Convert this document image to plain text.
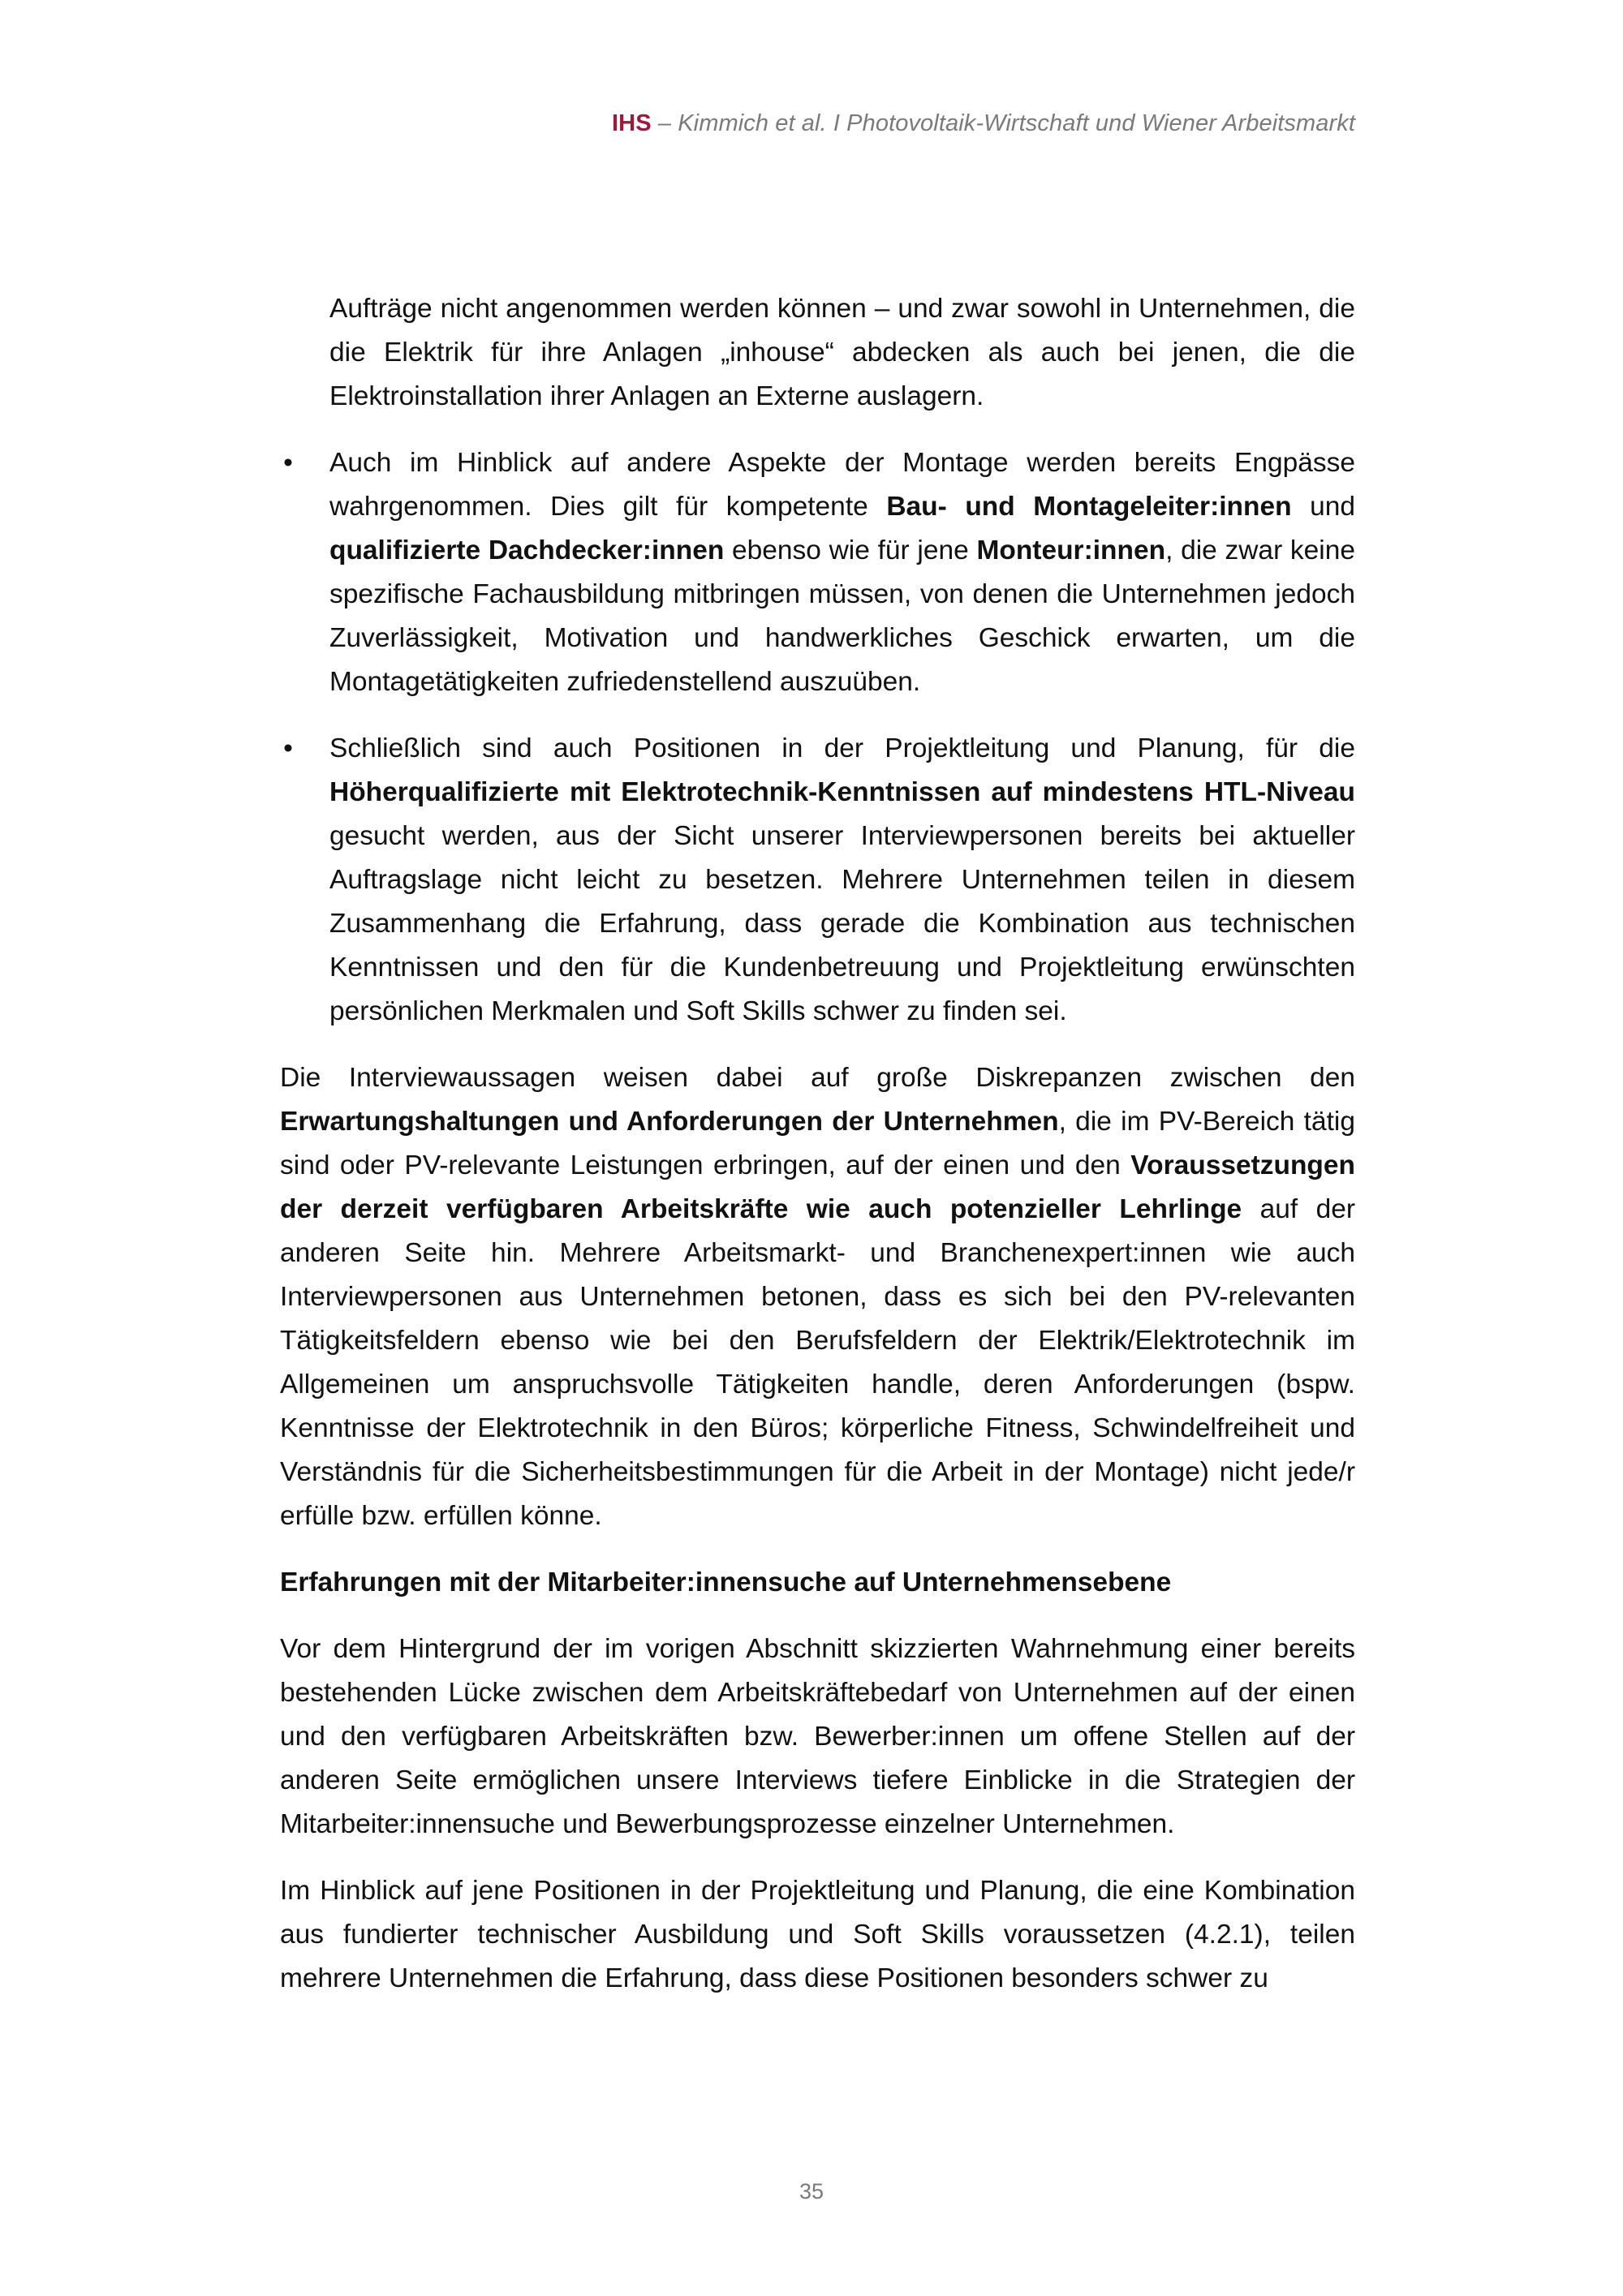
IHS – Kimmich et al. I Photovoltaik-Wirtschaft und Wiener Arbeitsmarkt

Aufträge nicht angenommen werden können – und zwar sowohl in Unternehmen, die die Elektrik für ihre Anlagen „inhouse“ abdecken als auch bei jenen, die die Elektroinstallation ihrer Anlagen an Externe auslagern.

• Auch im Hinblick auf andere Aspekte der Montage werden bereits Engpässe wahrgenommen. Dies gilt für kompetente Bau- und Montageleiter:innen und qualifizierte Dachdecker:innen ebenso wie für jene Monteur:innen, die zwar keine spezifische Fachausbildung mitbringen müssen, von denen die Unternehmen jedoch Zuverlässigkeit, Motivation und handwerkliches Geschick erwarten, um die Montagetätigkeiten zufriedenstellend auszuüben.
• Schließlich sind auch Positionen in der Projektleitung und Planung, für die Höherqualifizierte mit Elektrotechnik-Kenntnissen auf mindestens HTL-Niveau gesucht werden, aus der Sicht unserer Interviewpersonen bereits bei aktueller Auftragslage nicht leicht zu besetzen. Mehrere Unternehmen teilen in diesem Zusammenhang die Erfahrung, dass gerade die Kombination aus technischen Kenntnissen und den für die Kundenbetreuung und Projektleitung erwünschten persönlichen Merkmalen und Soft Skills schwer zu finden sei.

Die Interviewaussagen weisen dabei auf große Diskrepanzen zwischen den Erwartungshaltungen und Anforderungen der Unternehmen, die im PV-Bereich tätig sind oder PV-relevante Leistungen erbringen, auf der einen und den Voraussetzungen der derzeit verfügbaren Arbeitskräfte wie auch potenzieller Lehrlinge auf der anderen Seite hin. Mehrere Arbeitsmarkt- und Branchenexpert:innen wie auch Interviewpersonen aus Unternehmen betonen, dass es sich bei den PV-relevanten Tätigkeitsfeldern ebenso wie bei den Berufsfeldern der Elektrik/Elektrotechnik im Allgemeinen um anspruchsvolle Tätigkeiten handle, deren Anforderungen (bspw. Kenntnisse der Elektrotechnik in den Büros; körperliche Fitness, Schwindelfreiheit und Verständnis für die Sicherheitsbestimmungen für die Arbeit in der Montage) nicht jede/r erfülle bzw. erfüllen könne.

Erfahrungen mit der Mitarbeiter:innensuche auf Unternehmensebene

Vor dem Hintergrund der im vorigen Abschnitt skizzierten Wahrnehmung einer bereits bestehenden Lücke zwischen dem Arbeitskräftebedarf von Unternehmen auf der einen und den verfügbaren Arbeitskräften bzw. Bewerber:innen um offene Stellen auf der anderen Seite ermöglichen unsere Interviews tiefere Einblicke in die Strategien der Mitarbeiter:innensuche und Bewerbungsprozesse einzelner Unternehmen.

Im Hinblick auf jene Positionen in der Projektleitung und Planung, die eine Kombination aus fundierter technischer Ausbildung und Soft Skills voraussetzen (4.2.1), teilen mehrere Unternehmen die Erfahrung, dass diese Positionen besonders schwer zu

35
